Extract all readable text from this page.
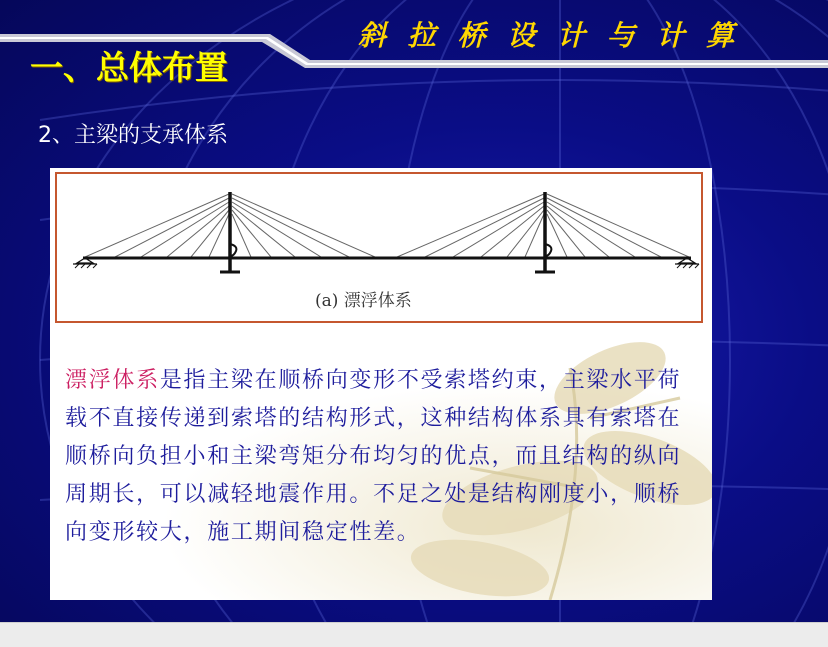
斜 拉 桥 设 计 与 计 算
一、总体布置
2、主梁的支承体系
(a) 漂浮体系
漂浮体系是指主梁在顺桥向变形不受索塔约束，主梁水平荷载不直接传递到索塔的结构形式，这种结构体系具有索塔在顺桥向负担小和主梁弯矩分布均匀的优点，而且结构的纵向周期长，可以减轻地震作用。不足之处是结构刚度小，顺桥向变形较大，施工期间稳定性差。
